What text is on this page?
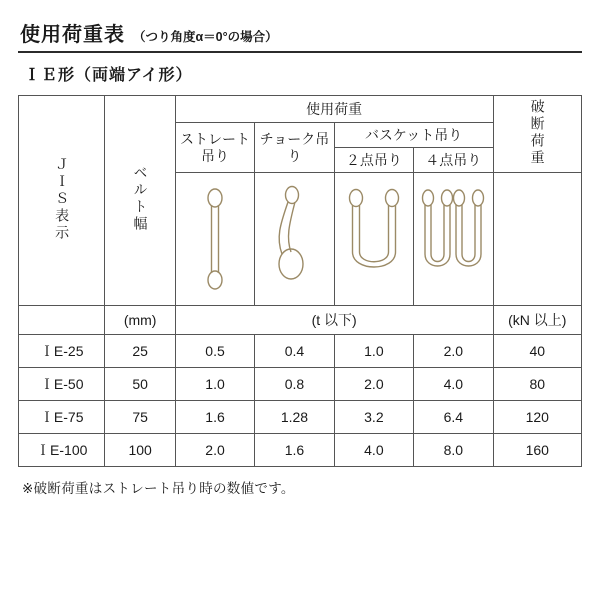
使用荷重表 （つり角度α＝0°の場合）
ＩＥ形（両端アイ形）
ＪＩＳ表示	ベルト幅	使用荷重				破断荷重
		ストレート吊り	チョーク吊り	バスケット吊り		
				２点吊り	４点吊り	

	(mm)	(t 以下)				(kN 以上)
ＩE-25	25	0.5	0.4	1.0	2.0	40
ＩE-50	50	1.0	0.8	2.0	4.0	80
ＩE-75	75	1.6	1.28	3.2	6.4	120
ＩE-100	100	2.0	1.6	4.0	8.0	160
※破断荷重はストレート吊り時の数値です。
